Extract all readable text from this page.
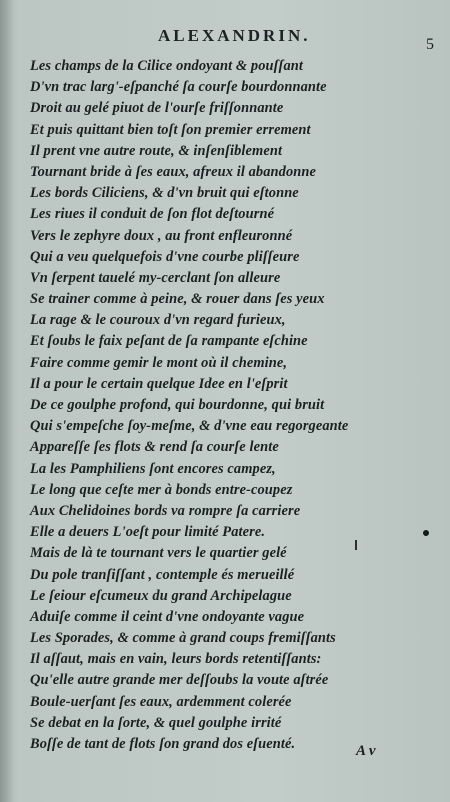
ALEXANDRIN.	5
Les champs de la Cilice ondoyant & pouſſant
D'vn trac larg'-eſpanché ſa courſe bourdonnante
Droit au gelé piuot de l'ourſe friſſonnante
Et puis quittant bien toſt ſon premier errement
Il prent vne autre route, & inſenſiblement
Tournant bride à ſes eaux, afreux il abandonne
Les bords Ciliciens, & d'vn bruit qui eſtonne
Les riues il conduit de ſon flot deſtourné
Vers le zephyre doux , au front enfleuronné
Qui a veu quelquefois d'vne courbe pliſſeure
Vn ſerpent tauelé my-cerclant ſon alleure
Se trainer comme à peine, & rouer dans ſes yeux
La rage & le couroux d'vn regard furieux,
Et ſoubs le faix peſant de ſa rampante eſchine
Faire comme gemir le mont où il chemine,
Il a pour le certain quelque Idee en l'eſprit
De ce goulphe profond, qui bourdonne, qui bruit
Qui s'empeſche ſoy-meſme, & d'vne eau regorgeante
Appareſſe ſes flots & rend ſa courſe lente
La les Pamphiliens ſont encores campez,
Le long que ceſte mer à bonds entre-coupez
Aux Chelidoines bords va rompre ſa carriere
Elle a deuers L'oeſt pour limité Patere.
Mais de là te tournant vers le quartier gelé
Du pole tranſiſſant , contemple és merueillé
Le ſeiour eſcumeux du grand Archipelague
Aduiſe comme il ceint d'vne ondoyante vague
Les Sporades, & comme à grand coups fremiſſants
Il aſſaut, mais en vain, leurs bords retentiſſants:
Qu'elle autre grande mer deſſoubs la voute aſtrée
Boule-uerſant ſes eaux, ardemment colerée
Se debat en la ſorte, & quel goulphe irrité
Boſſe de tant de flots ſon grand dos eſuenté.	A v
